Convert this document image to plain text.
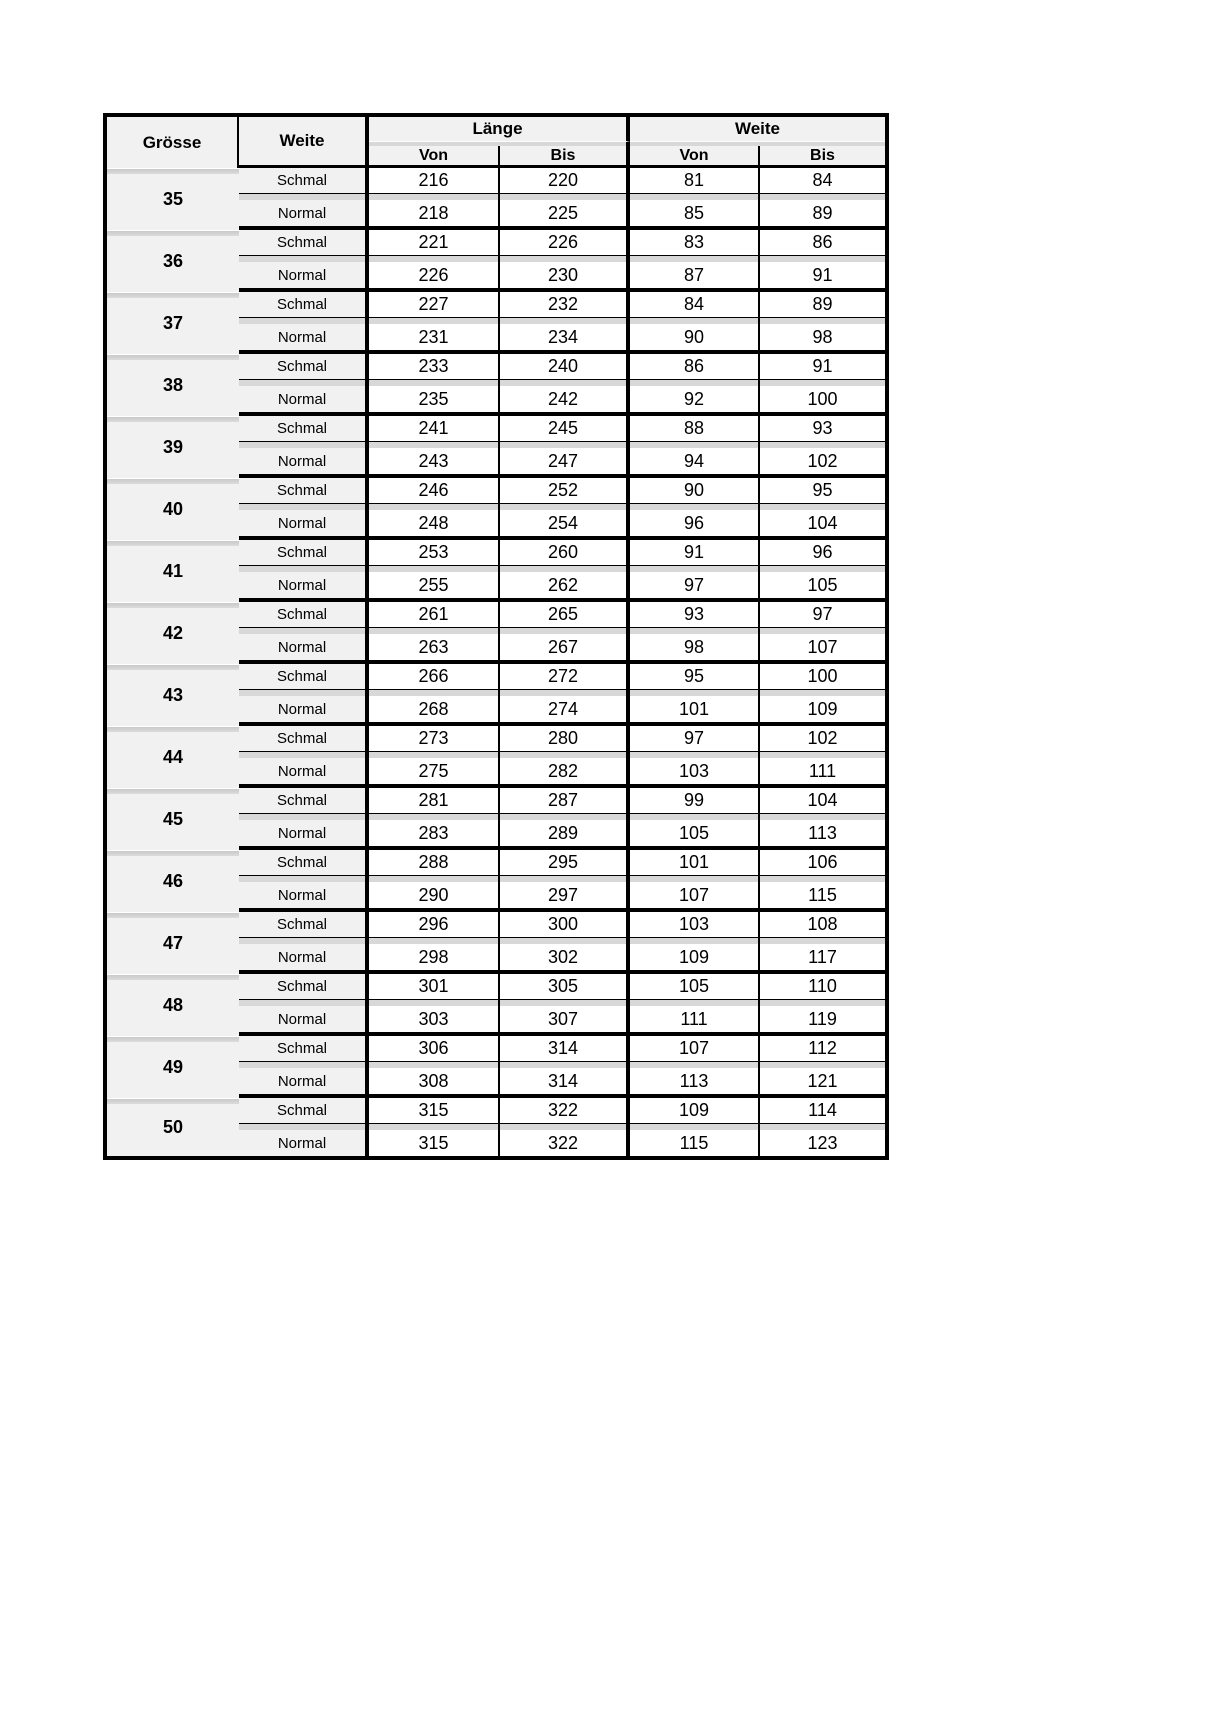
Grösse	Weite
Länge	Weite
Von	Bis	Von	Bis
35
Schmal	216	220	81	84
Normal	218	225	85	89
36
Schmal	221	226	83	86
Normal	226	230	87	91
37
Schmal	227	232	84	89
Normal	231	234	90	98
38
Schmal	233	240	86	91
Normal	235	242	92	100
39
Schmal	241	245	88	93
Normal	243	247	94	102
40
Schmal	246	252	90	95
Normal	248	254	96	104
41
Schmal	253	260	91	96
Normal	255	262	97	105
42
Schmal	261	265	93	97
Normal	263	267	98	107
43
Schmal	266	272	95	100
Normal	268	274	101	109
44
Schmal	273	280	97	102
Normal	275	282	103	111
45
Schmal	281	287	99	104
Normal	283	289	105	113
46
Schmal	288	295	101	106
Normal	290	297	107	115
47
Schmal	296	300	103	108
Normal	298	302	109	117
48
Schmal	301	305	105	110
Normal	303	307	111	119
49
Schmal	306	314	107	112
Normal	308	314	113	121
50
Schmal	315	322	109	114
Normal	315	322	115	123
